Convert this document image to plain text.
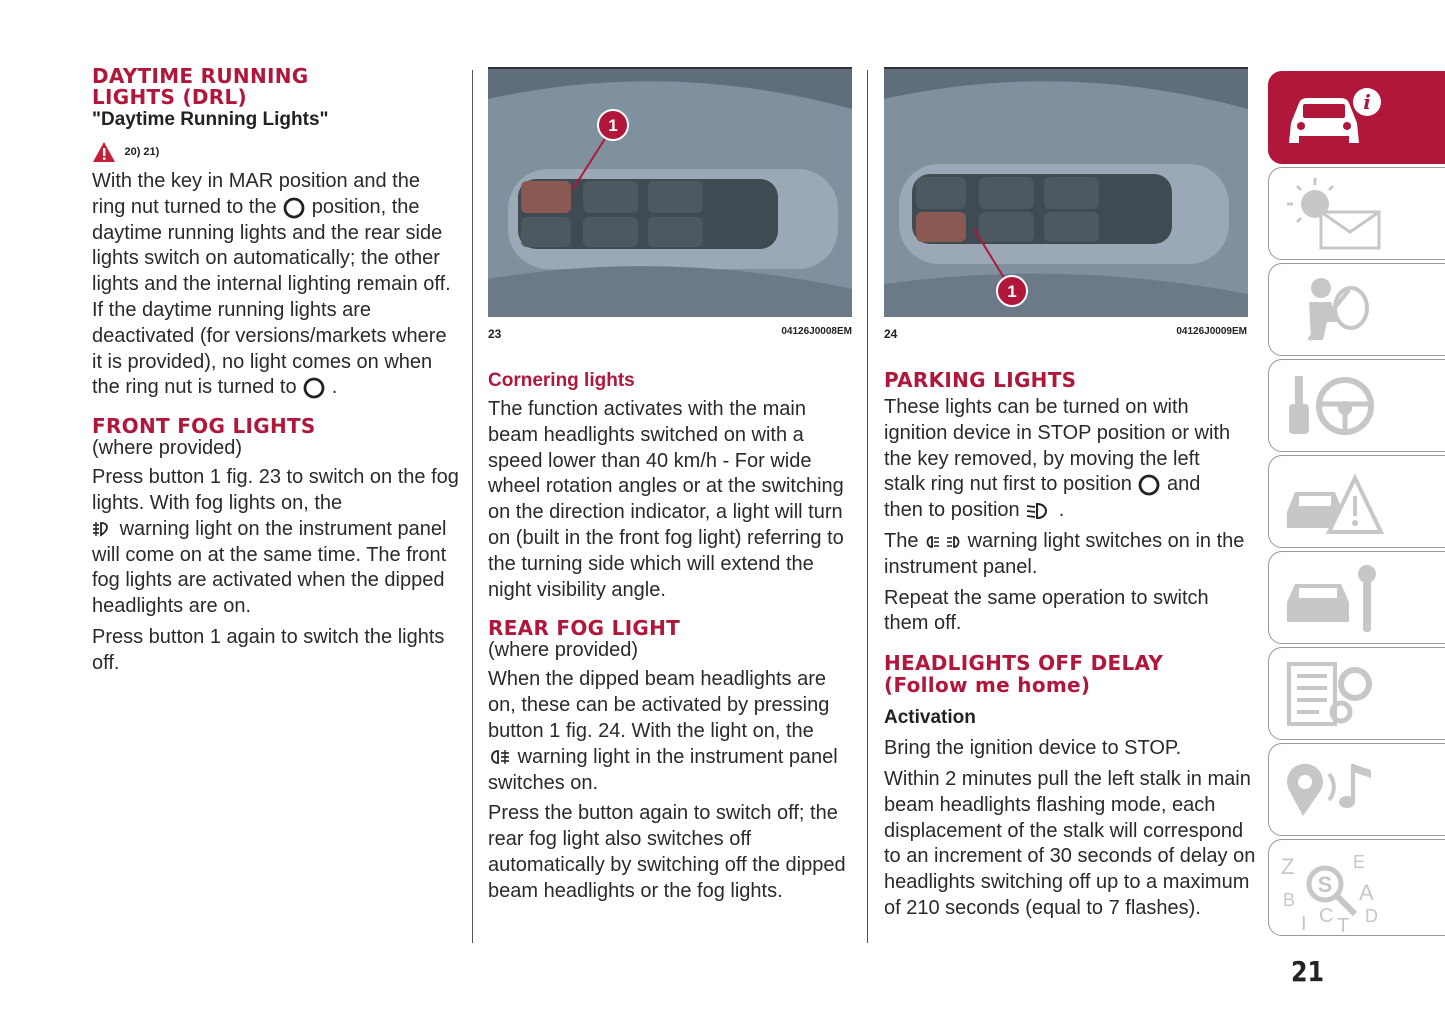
DAYTIME RUNNING
LIGHTS (DRL)
"Daytime Running Lights"
20) 21)

With the key in MAR position and the
ring nut turned to the position, the daytime running lights and the rear side lights switch on automatically; the other lights and the internal lighting remain off. If the daytime running lights are deactivated (for versions/markets where it is provided), no light comes on when
the ring nut is turned to .

FRONT FOG LIGHTS

(where provided)

Press button 1 fig. 23 to switch on the fog lights. With fog lights on, the
warning light on the instrument panel will come on at the same time. The front fog lights are activated when the dipped headlights are on.

Press button 1 again to switch the lights off.

1
23	04126J0008EM
Cornering lights

The function activates with the main beam headlights switched on with a speed lower than 40 km/h - For wide wheel rotation angles or at the switching on the direction indicator, a light will turn on (built in the front fog light) referring to the turning side which will extend the night visibility angle.

REAR FOG LIGHT

(where provided)

When the dipped beam headlights are on, these can be activated by pressing button 1 fig. 24. With the light on, the
warning light in the instrument panel switches on.

Press the button again to switch off; the rear fog light also switches off automatically by switching off the dipped beam headlights or the fog lights.

1
24	04126J0009EM
PARKING LIGHTS

These lights can be turned on with ignition device in STOP position or with the key removed, by moving the left
stalk ring nut first to position and
then to position .

The warning light switches on in the instrument panel.

Repeat the same operation to switch them off.

HEADLIGHTS OFF DELAY
(Follow me home)
Activation

Bring the ignition device to STOP.

Within 2 minutes pull the left stalk in main beam headlights flashing mode, each displacement of the stalk will correspond to an increment of 30 seconds of delay on headlights switching off up to a maximum of 210 seconds (equal to 7 flashes).

i
Z	E
B	A
C D
I T
S
21
